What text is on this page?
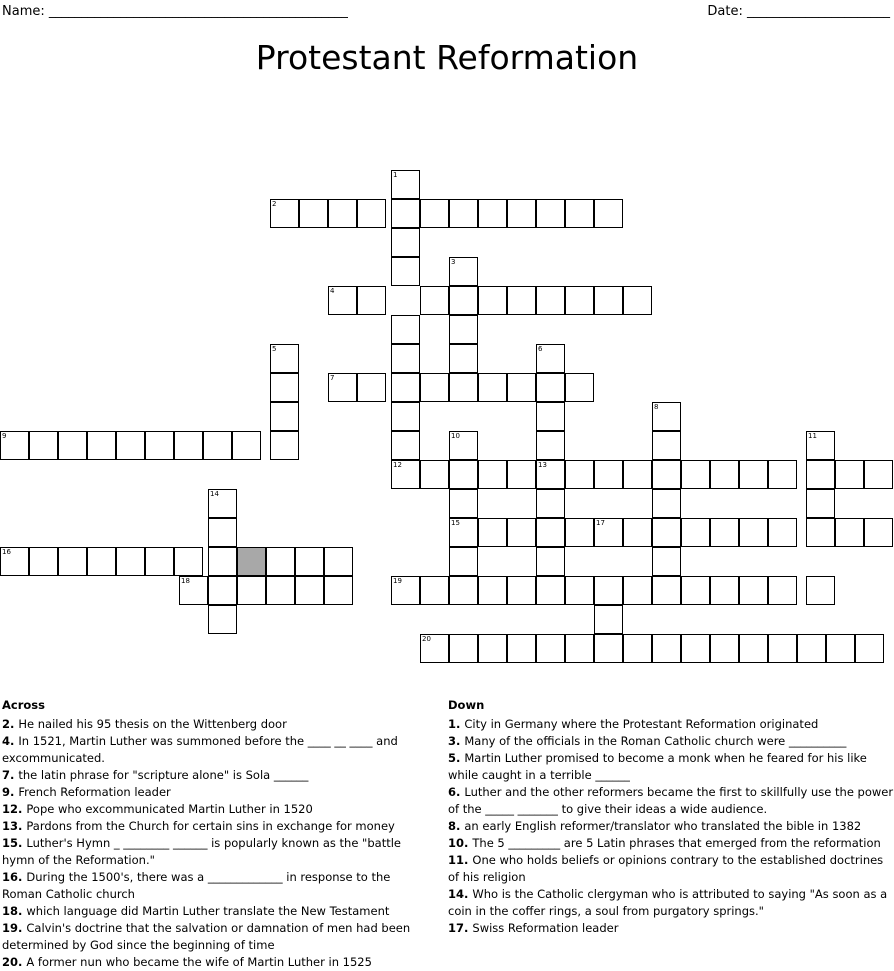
Name: ______________________________________________	Date: ______________________
Protestant Reformation
1
2
3
4
5	6
7
8
9	10	11
12	13
15
14
16
17
18	19
20
Across

2. He nailed his 95 thesis on the Wittenberg door

4. In 1521, Martin Luther was summoned before the ____ __ ____ and excommunicated.

7. the latin phrase for "scripture alone" is Sola ______

9. French Reformation leader

12. Pope who excommunicated Martin Luther in 1520

13. Pardons from the Church for certain sins in exchange for money

15. Luther's Hymn _ ________ ______ is popularly known as the "battle hymn of the Reformation."

16. During the 1500's, there was a _____________ in response to the Roman Catholic church

18. which language did Martin Luther translate the New Testament

19. Calvin's doctrine that the salvation or damnation of men had been determined by God since the beginning of time

20. A former nun who became the wife of Martin Luther in 1525

Down

1. City in Germany where the Protestant Reformation originated

3. Many of the officials in the Roman Catholic church were __________

5. Martin Luther promised to become a monk when he feared for his like while caught in a terrible ______

6. Luther and the other reformers became the first to skillfully use the power of the _____ _______ to give their ideas a wide audience.

8. an early English reformer/translator who translated the bible in 1382

10. The 5 _________ are 5 Latin phrases that emerged from the reformation

11. One who holds beliefs or opinions contrary to the established doctrines of his religion

14. Who is the Catholic clergyman who is attributed to saying "As soon as a coin in the coffer rings, a soul from purgatory springs."

17. Swiss Reformation leader
